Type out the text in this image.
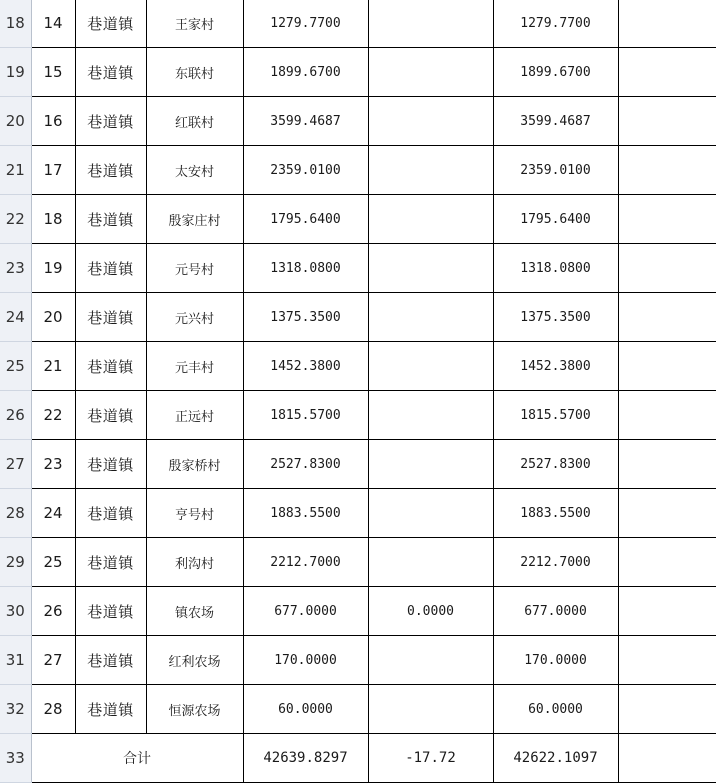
18	14	巷道镇	王家村	1279.7700		1279.7700	
19	15	巷道镇	东联村	1899.6700		1899.6700	
20	16	巷道镇	红联村	3599.4687		3599.4687	
21	17	巷道镇	太安村	2359.0100		2359.0100	
22	18	巷道镇	殷家庄村	1795.6400		1795.6400	
23	19	巷道镇	元号村	1318.0800		1318.0800	
24	20	巷道镇	元兴村	1375.3500		1375.3500	
25	21	巷道镇	元丰村	1452.3800		1452.3800	
26	22	巷道镇	正远村	1815.5700		1815.5700	
27	23	巷道镇	殷家桥村	2527.8300		2527.8300	
28	24	巷道镇	亨号村	1883.5500		1883.5500	
29	25	巷道镇	利沟村	2212.7000		2212.7000	
30	26	巷道镇	镇农场	677.0000	0.0000	677.0000	
31	27	巷道镇	红利农场	170.0000		170.0000	
32	28	巷道镇	恒源农场	60.0000		60.0000	
33	合计			42639.8297	-17.72	42622.1097	
